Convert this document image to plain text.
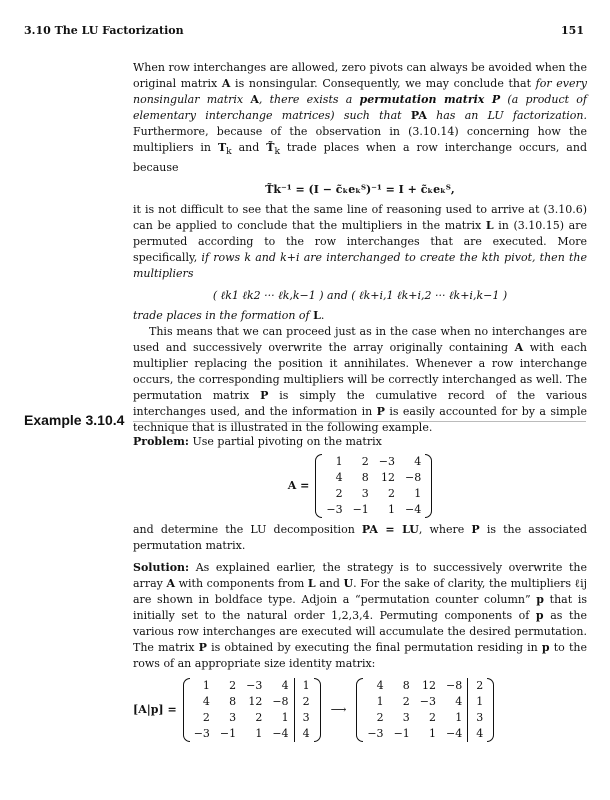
3.10 The LU Factorization	151

When row interchanges are allowed, zero pivots can always be avoided when the original matrix A is nonsingular. Consequently, we may conclude that for every nonsingular matrix A, there exists a permutation matrix P (a product of elementary interchange matrices) such that PA has an LU factorization. Furthermore, because of the observation in (3.10.14) concerning how the multipliers in $T_k$ and $T̃_k$ trade places when a row interchange occurs, and because

T̃k⁻¹ = (I − c̃ₖeₖᵀ)⁻¹ = I + c̃ₖeₖᵀ,

it is not difficult to see that the same line of reasoning used to arrive at (3.10.6) can be applied to conclude that the multipliers in the matrix L in (3.10.15) are permuted according to the row interchanges that are executed. More specifically, if rows k and k+i are interchanged to create the kth pivot, then the multipliers

( ℓk1 ℓk2 ··· ℓk,k−1 ) and ( ℓk+i,1 ℓk+i,2 ··· ℓk+i,k−1 )

trade places in the formation of L.

This means that we can proceed just as in the case when no interchanges are used and successively overwrite the array originally containing A with each multiplier replacing the position it annihilates. Whenever a row interchange occurs, the corresponding multipliers will be correctly interchanged as well. The permutation matrix P is simply the cumulative record of the various interchanges used, and the information in P is easily accounted for by a simple technique that is illustrated in the following example.

Example 3.10.4

Problem: Use partial pivoting on the matrix

A =
1	2	−3	4
4	8	12	−8
2	3	2	1
−3	−1	1	−4

and determine the LU decomposition PA = LU, where P is the associated permutation matrix.

Solution: As explained earlier, the strategy is to successively overwrite the array A with components from L and U. For the sake of clarity, the multipliers ℓij are shown in boldface type. Adjoin a “permutation counter column” p that is initially set to the natural order 1,2,3,4. Permuting components of p as the various row interchanges are executed will accumulate the desired permutation. The matrix P is obtained by executing the final permutation residing in p to the rows of an appropriate size identity matrix:

[A|p] =
1	2	−3	4	1
4	8	12	−8	2
2	3	2	1	3
−3	−1	1	−4	4
⟶
4	8	12	−8	2
1	2	−3	4	1
2	3	2	1	3
−3	−1	1	−4	4
